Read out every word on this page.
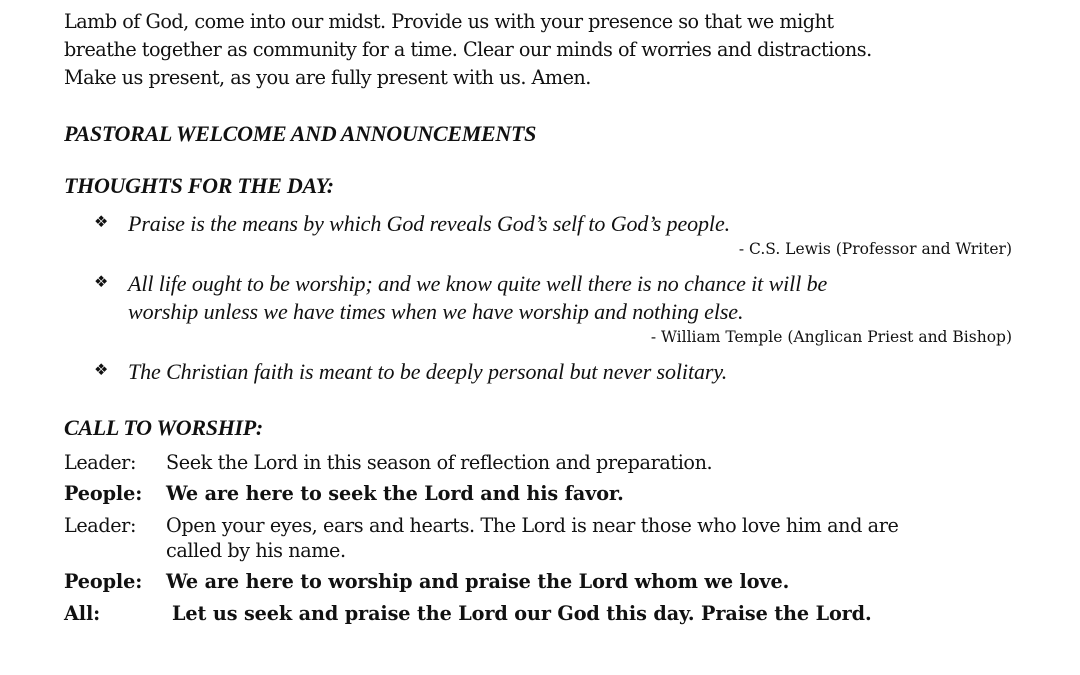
Lamb of God, come into our midst. Provide us with your presence so that we might
breathe together as community for a time. Clear our minds of worries and distractions.
Make us present, as you are fully present with us. Amen.

PASTORAL WELCOME AND ANNOUNCEMENTS
THOUGHTS FOR THE DAY:
❖ Praise is the means by which God reveals God’s self to God’s people.

- C.S. Lewis (Professor and Writer)

❖ All life ought to be worship; and we know quite well there is no chance it will be
worship unless we have times when we have worship and nothing else.

- William Temple (Anglican Priest and Bishop)

❖ The Christian faith is meant to be deeply personal but never solitary.

CALL TO WORSHIP:
Leader:	Seek the Lord in this season of reflection and preparation.
People:	We are here to seek the Lord and his favor.
Leader:	Open your eyes, ears and hearts. The Lord is near those who love him and are
called by his name.
People:	We are here to worship and praise the Lord whom we love.
All:	Let us seek and praise the Lord our God this day. Praise the Lord.
